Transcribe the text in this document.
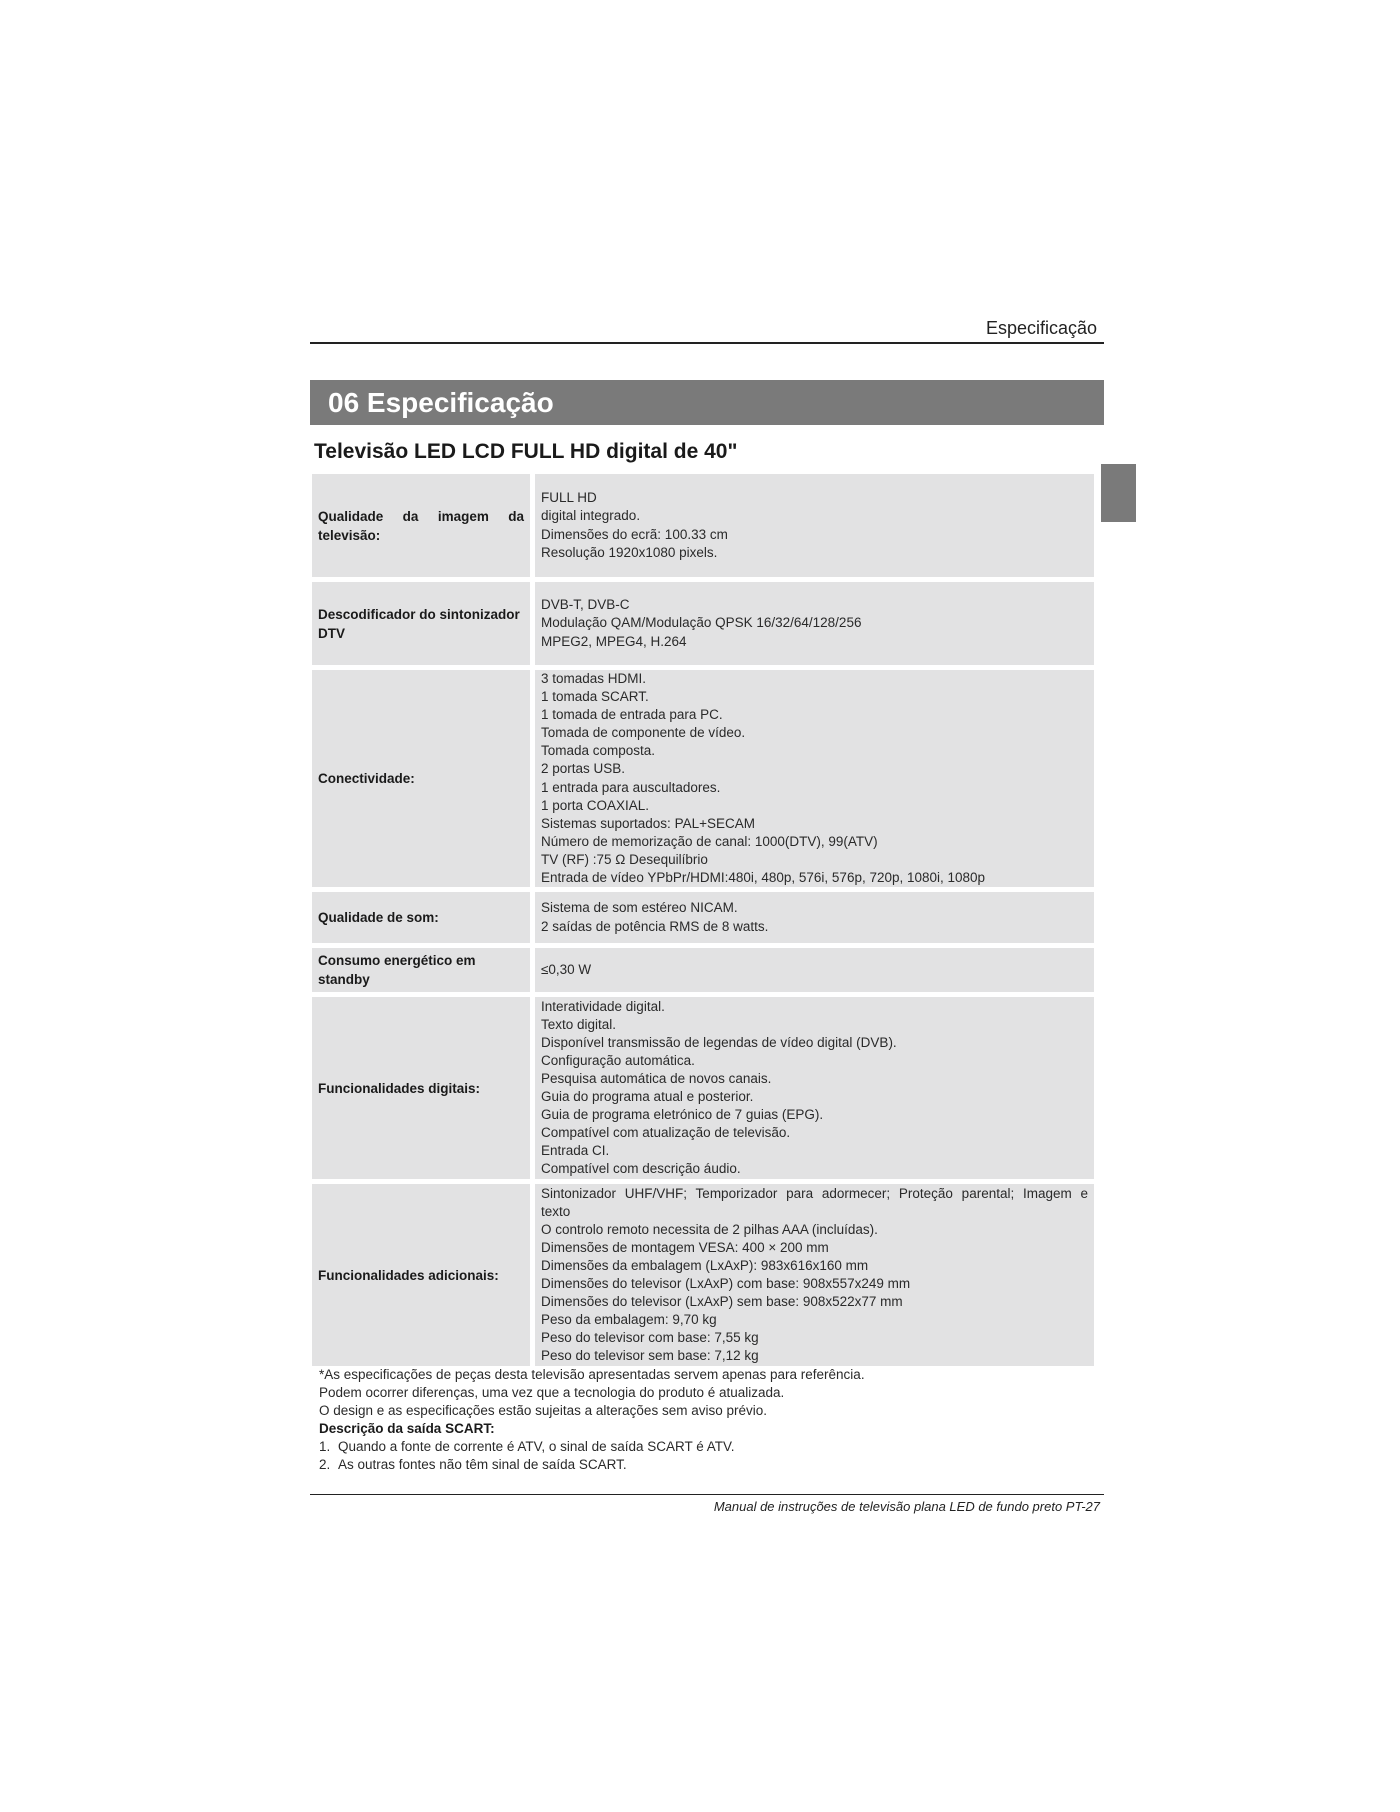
Especificação
06 Especificação
Televisão LED LCD FULL HD digital de 40"
Qualidade da imagem da televisão:
FULL HD
digital integrado.
Dimensões do ecrã: 100.33 cm
Resolução 1920x1080 pixels.
Descodificador do sintonizador DTV
DVB-T, DVB-C
Modulação QAM/Modulação QPSK 16/32/64/128/256
MPEG2, MPEG4, H.264
Conectividade:
3 tomadas HDMI.
1 tomada SCART.
1 tomada de entrada para PC.
Tomada de componente de vídeo.
Tomada composta.
2 portas USB.
1 entrada para auscultadores.
1 porta COAXIAL.
Sistemas suportados: PAL+SECAM
Número de memorização de canal: 1000(DTV), 99(ATV)
TV (RF) :75 Ω Desequilíbrio
Entrada de vídeo YPbPr/HDMI:480i, 480p, 576i, 576p, 720p, 1080i, 1080p
Qualidade de som:
Sistema de som estéreo NICAM.
2 saídas de potência RMS de 8 watts.
Consumo energético em standby
≤0,30 W
Funcionalidades digitais:
Interatividade digital.
Texto digital.
Disponível transmissão de legendas de vídeo digital (DVB).
Configuração automática.
Pesquisa automática de novos canais.
Guia do programa atual e posterior.
Guia de programa eletrónico de 7 guias (EPG).
Compatível com atualização de televisão.
Entrada CI.
Compatível com descrição áudio.
Funcionalidades adicionais:
Sintonizador UHF/VHF; Temporizador para adormecer; Proteção parental; Imagem e
texto
O controlo remoto necessita de 2 pilhas AAA (incluídas).
Dimensões de montagem VESA: 400 × 200 mm
Dimensões da embalagem (LxAxP): 983x616x160 mm
Dimensões do televisor (LxAxP) com base: 908x557x249 mm
Dimensões do televisor (LxAxP) sem base: 908x522x77 mm
Peso da embalagem: 9,70 kg
Peso do televisor com base: 7,55 kg
Peso do televisor sem base: 7,12 kg
*As especificações de peças desta televisão apresentadas servem apenas para referência.
Podem ocorrer diferenças, uma vez que a tecnologia do produto é atualizada.
O design e as especificações estão sujeitas a alterações sem aviso prévio.
Descrição da saída SCART:
1. Quando a fonte de corrente é ATV, o sinal de saída SCART é ATV.
2. As outras fontes não têm sinal de saída SCART.
Manual de instruções de televisão plana LED de fundo preto PT-27
